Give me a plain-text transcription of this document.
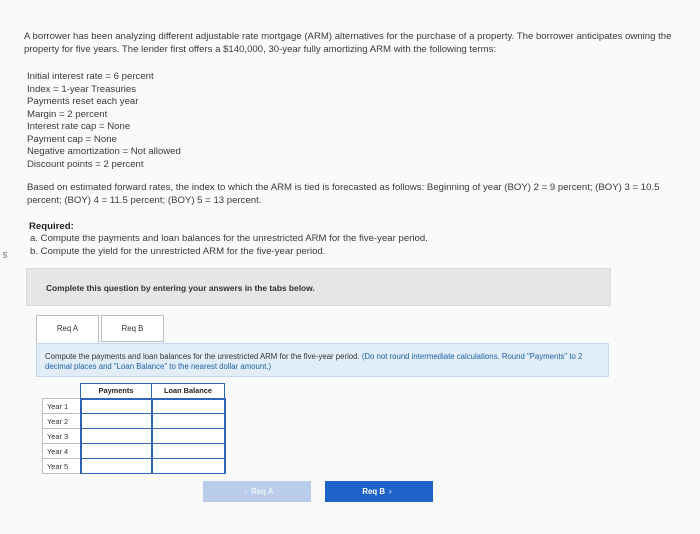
5

A borrower has been analyzing different adjustable rate mortgage (ARM) alternatives for the purchase of a property. The borrower anticipates owning the property for five years. The lender first offers a $140,000, 30-year fully amortizing ARM with the following terms:

Initial interest rate = 6 percent
Index = 1-year Treasuries
Payments reset each year
Margin = 2 percent
Interest rate cap = None
Payment cap = None
Negative amortization = Not allowed
Discount points = 2 percent

Based on estimated forward rates, the index to which the ARM is tied is forecasted as follows: Beginning of year (BOY) 2 = 9 percent; (BOY) 3 = 10.5 percent; (BOY) 4 = 11.5 percent; (BOY) 5 = 13 percent.

Required:
a. Compute the payments and loan balances for the unrestricted ARM for the five-year period.
b. Compute the yield for the unrestricted ARM for the five-year period.
Complete this question by entering your answers in the tabs below.
Req A	Req B
Compute the payments and loan balances for the unrestricted ARM for the five-year period. (Do not round intermediate calculations. Round "Payments" to 2 decimal places and "Loan Balance" to the nearest dollar amount.)
	Payments	Loan Balance
Year 1		
Year 2		
Year 3		
Year 4		
Year 5		
‹ Req A	Req B ›
